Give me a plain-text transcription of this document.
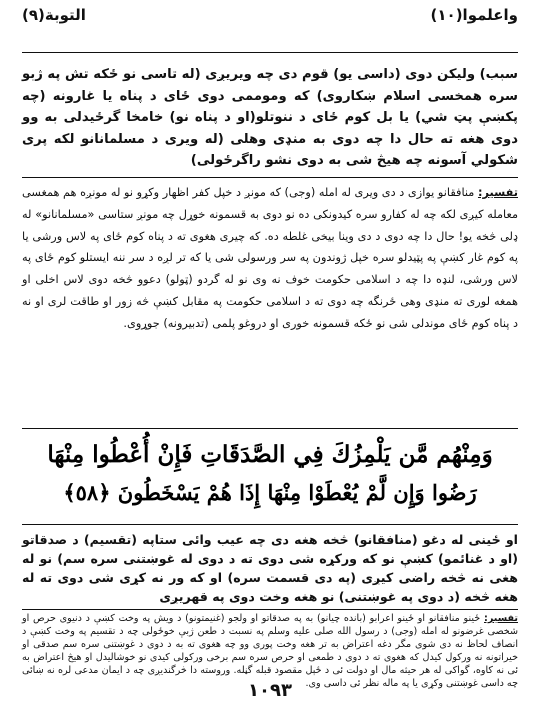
واعلموا(۱۰)
التوبة(۹)

سبب) وليكن دوى (داسى يو) قوم دى چه ويريږى (له تاسى نو ځكه تش په ژبو سره همخسى اسلام ښكاروى) كه وموممى دوى ځاى د پناه يا غارونه (چه پكښې پټ شي) يا بل كوم ځاى د ننوتلو(او د پناه نو) خامخا گرځيدلى به وو دوى هغه ته حال دا چه دوى به منډى وهلى (له ويرى د مسلمانانو لكه پرى شكولي آسونه چه هيڅ شى به دوى نشو راگرځولى)

تفسير: منافقانو يوازى د دى ويرى له امله (وجى) كه مونږ د خپل كفر اظهار وكړو نو له مونږه هم همغسى معامله كيږى لكه چه له كفارو سره كيدونكى ده نو دوى به قسمونه خوړل چه مونږ ستاسى «مسلمانانو» له ډلى څخه يو! حال دا چه دوى د دى وينا بيخى غلطه ده. كه چيرى هغوى ته د پناه كوم ځاى په لاس ورشى يا په كوم غار كښې په پټيدلو سره خپل ژوندون په سر ورسولى شى يا كه تر لږه د سر ننه ايستلو كوم ځاى په لاس ورشى، لنډه دا چه د اسلامى حكومت خوف نه وى نو له گردو (ټولو) دعوو څخه دوى لاس اخلى او همغه لورى ته منډى وهى ځرنگه چه دوى ته د اسلامى حكومت په مقابل كښې څه زور او طاقت لرى او نه د پناه كوم ځاى موندلى شى نو ځكه قسمونه خورى او دروغو پلمى (تدبيرونه) جوړوى.

وَمِنْهُم مَّن يَلْمِزُكَ فِي الصَّدَقَاتِ فَإِنْ أُعْطُوا مِنْهَا

رَضُوا وَإِن لَّمْ يُعْطَوْا مِنْهَا إِذَا هُمْ يَسْخَطُونَ ﴿٥٨﴾

او ځينى له دغو (منافقانو) څخه هغه دى چه عيب وائى ستاپه (تقسيم) د صدقاتو (او د غنائمو) كښې نو كه وركړه شى دوى ته د دوى له غوښتنى سره سم) نو له هغى نه څخه راضى كيږى (په دى قسمت سره) او كه ور نه كړى شى دوى ته له هغه څخه (د دوى په غوښتنى) نو هغه وخت دوى په قهريږى

تفسير: ځينو منافقانو او ځينو اعرابو (بانده چيانو) به په صدقاتو او ولجو (غنيمتونو) د ويش په وخت كښې د دنيوى حرص او شخصى غرضونو له امله (وجى) د رسول الله صلى عليه وسلم په نسبت د طعن ژبې خوځولى چه د تقسيم په وخت كښې د انصاف لحاظ نه دى شوى مگر دغه اعتراض به تر هغه وخت پورى وو چه هغوى ته به د دوى د غوښتنى سره سم صدقى او خيراتونه نه وركول كيدل كه هغوى ته د دوى د طمعى او حرص سره سم برخى وركولى كيدى نو خوشاليدل او هيڅ اعتراض به ئى نه كاوه، گواكى له هر حيثه مال او دولت ئى د ځېل مقصود قبله گڼله. وروسته دا څرگنديږى چه د ايمان مدعى لره نه ښائى چه داسى غوښتنى وكړى يا په ماله نظر ئى داسى وى.

۱۰۹۳
